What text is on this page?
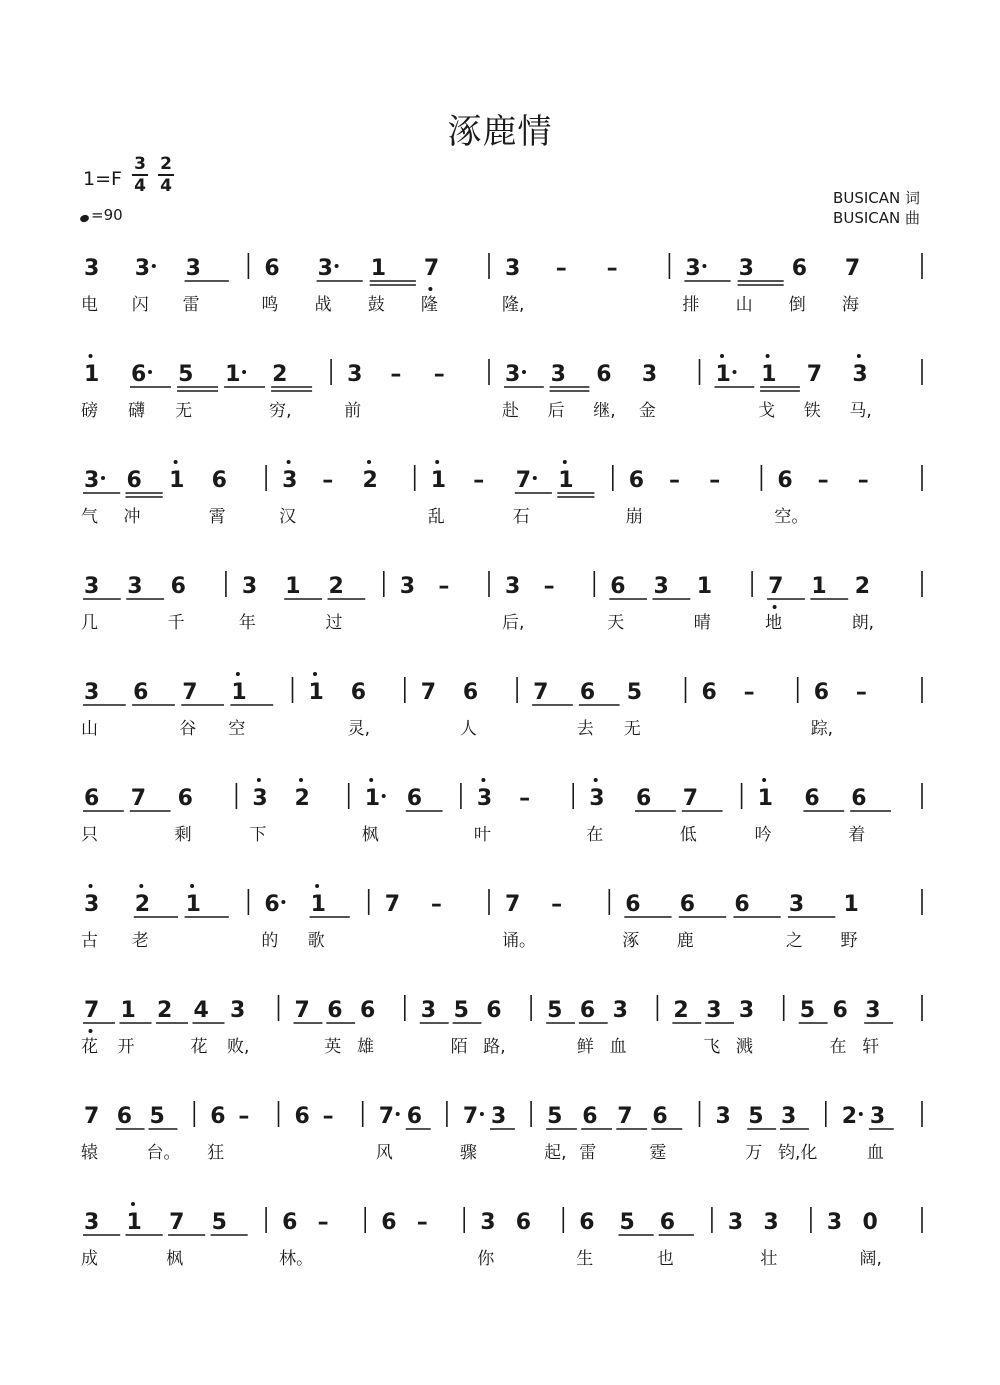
涿鹿情
1=F
3
4
2
4
=90
BUSICAN 词
BUSICAN 曲
3 3 3	6 3 1 7	3 – –	3 3 6 7
电 闪 雷	鸣 战 鼓 隆	隆,	排 山 倒 海
1 6 5 1 2	3 – –	3 3 6 3	1 1 7 3
磅 礴 无	穷,	前	赴 后 继, 金	戈 铁 马,
3 6 1 6	3 – 2 1 – 7 1	6 – –	6 – –
气 冲	霄	汉	乱	石	崩	空。
3 3 6	3 1 2	3 –	3 –	6 3 1	7 1 2
几	千	年	过	后,	天	晴	地	朗,
3 6 7 1	1 6 7 6 7 6 5	6 –	6 –
山	谷 空	灵,	人	去 无	踪,
6 7 6	3 2 1 6 3 –	3 6 7	1 6 6
只	剩	下	枫	叶	在	低	吟	着
3 2 1	6 1	7 –	7 –	6 6 6 3 1
古 老	的 歌	诵。	涿 鹿	之 野
7 1 2 4 3 7 6 6 3 5 6 5 6 3 2 3 3 5 6 3
花 开	花 败,	英 雄	陌 路,	鲜 血	飞 溅	在 轩
7 6 5 6 – 6 – 7 6 7 3 5 6 7 6 3 5 3 2 3
辕	台。 狂	风	骤	起, 雷	霆	万 钧,化	血
3 1 7 5	6 – 6 – 3 6 6 5 6 3 3 3 0
成	枫	林。	你	生	也	壮	阔,
